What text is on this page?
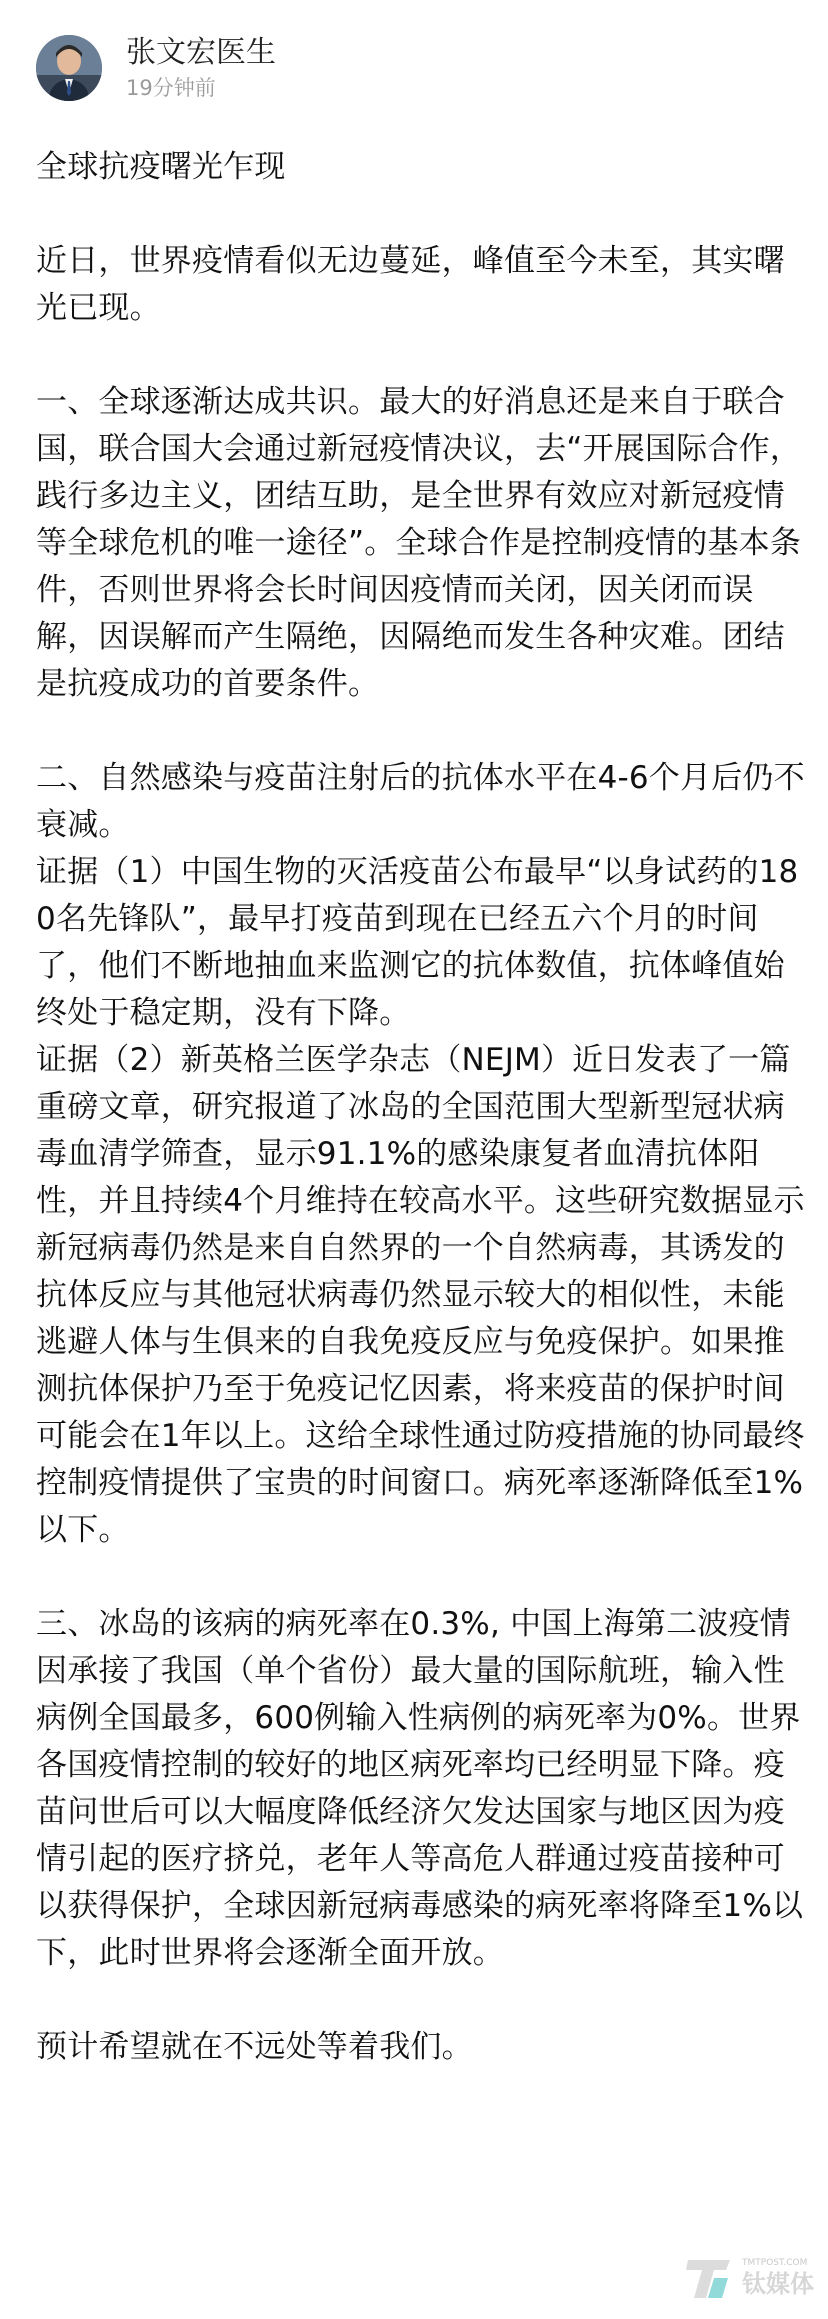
张文宏医生
19分钟前

全球抗疫曙光乍现

近日，世界疫情看似无边蔓延，峰值至今未至，其实曙光已现。

一、全球逐渐达成共识。最大的好消息还是来自于联合国，联合国大会通过新冠疫情决议，去“开展国际合作，践行多边主义，团结互助，是全世界有效应对新冠疫情等全球危机的唯一途径”。全球合作是控制疫情的基本条件，否则世界将会长时间因疫情而关闭，因关闭而误解，因误解而产生隔绝，因隔绝而发生各种灾难。团结是抗疫成功的首要条件。

二、自然感染与疫苗注射后的抗体水平在4-6个月后仍不衰减。
证据（1）中国生物的灭活疫苗公布最早“以身试药的180名先锋队”，最早打疫苗到现在已经五六个月的时间了，他们不断地抽血来监测它的抗体数值，抗体峰值始终处于稳定期，没有下降。
证据（2）新英格兰医学杂志（NEJM）近日发表了一篇重磅文章，研究报道了冰岛的全国范围大型新型冠状病毒血清学筛查，显示91.1%的感染康复者血清抗体阳性，并且持续4个月维持在较高水平。这些研究数据显示新冠病毒仍然是来自自然界的一个自然病毒，其诱发的抗体反应与其他冠状病毒仍然显示较大的相似性，未能逃避人体与生俱来的自我免疫反应与免疫保护。如果推测抗体保护乃至于免疫记忆因素，将来疫苗的保护时间可能会在1年以上。这给全球性通过防疫措施的协同最终控制疫情提供了宝贵的时间窗口。病死率逐渐降低至1%以下。

三、冰岛的该病的病死率在0.3%, 中国上海第二波疫情因承接了我国（单个省份）最大量的国际航班，输入性病例全国最多，600例输入性病例的病死率为0%。世界各国疫情控制的较好的地区病死率均已经明显下降。疫苗问世后可以大幅度降低经济欠发达国家与地区因为疫情引起的医疗挤兑，老年人等高危人群通过疫苗接种可以获得保护，全球因新冠病毒感染的病死率将降至1%以下，此时世界将会逐渐全面开放。

预计希望就在不远处等着我们。

TMTPOST.COM
钛媒体
